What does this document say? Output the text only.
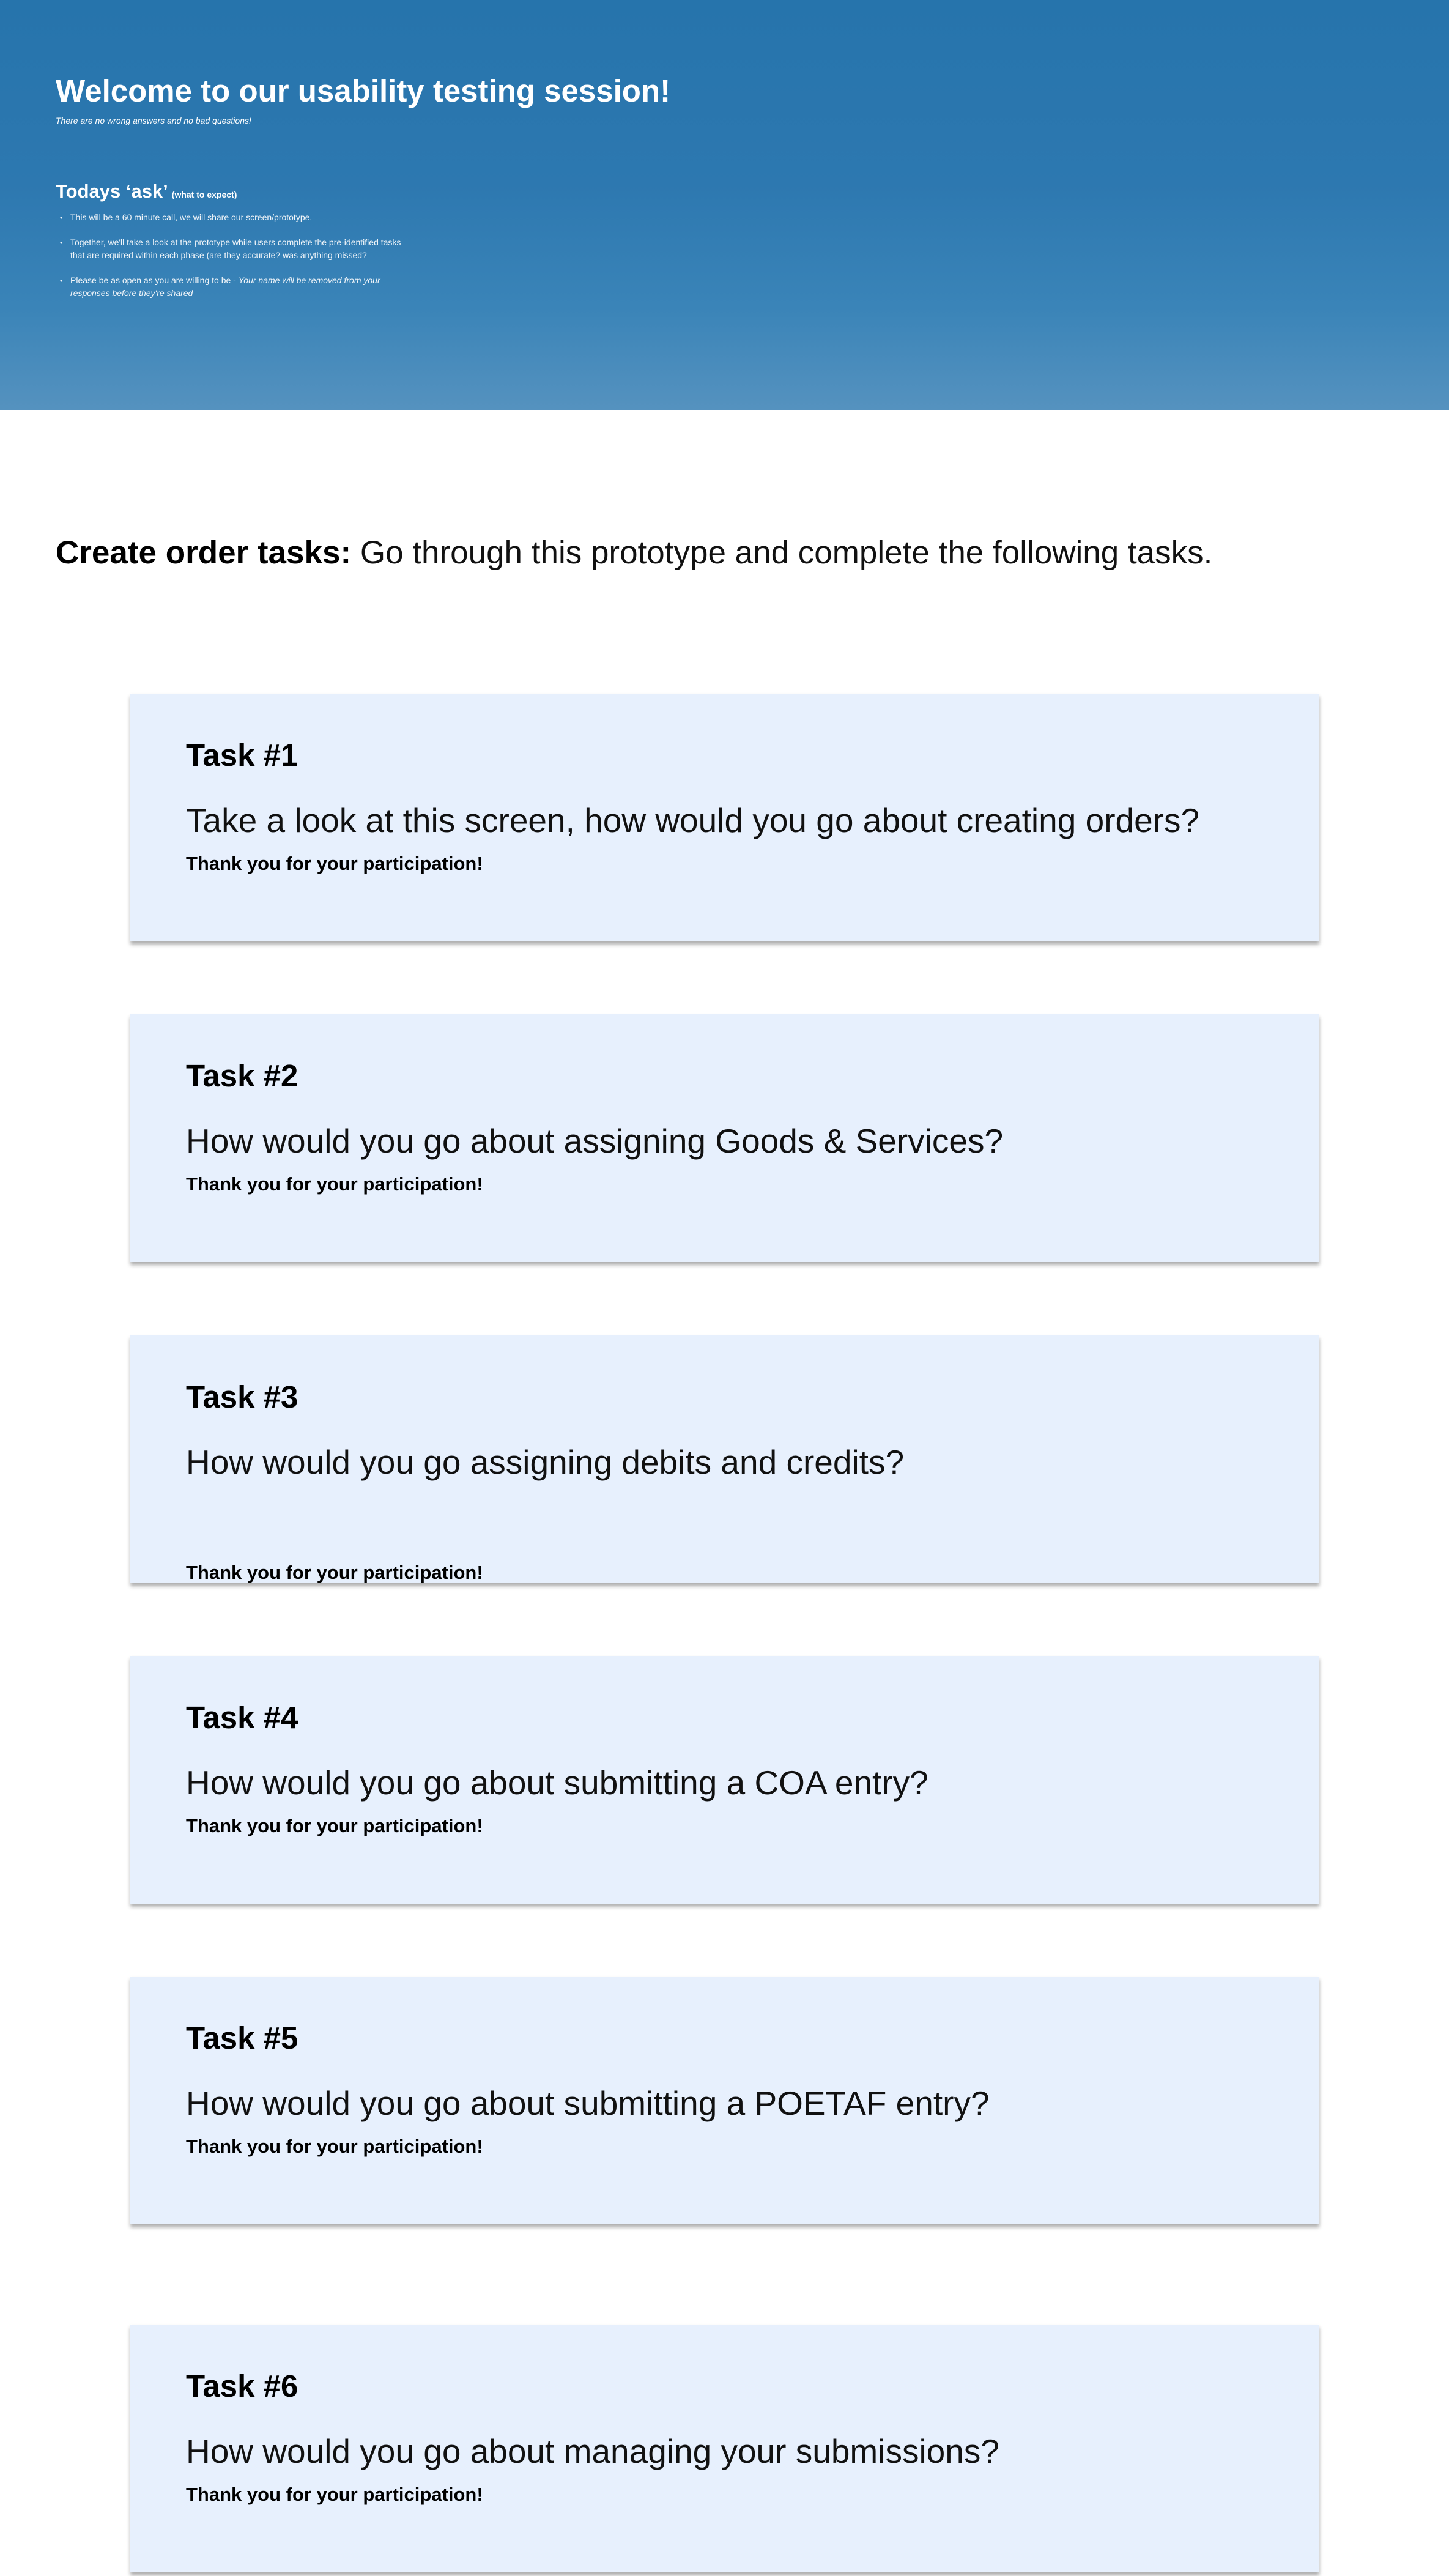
Welcome to our usability testing session!

There are no wrong answers and no bad questions!

Todays ‘ask’ (what to expect)
• This will be a 60 minute call, we will share our screen/prototype.
• Together, we'll take a look at the prototype while users complete the pre-identified tasks that are required within each phase (are they accurate? was anything missed?
• Please be as open as you are willing to be - Your name will be removed from your responses before they're shared
Create order tasks: Go through this prototype and complete the following tasks.
Task #1

Take a look at this screen, how would you go about creating orders?

Thank you for your participation!

Task #2

How would you go about assigning Goods & Services?

Thank you for your participation!

Task #3

How would you go assigning debits and credits?

Thank you for your participation!

Task #4

How would you go about submitting a COA entry?

Thank you for your participation!

Task #5

How would you go about submitting a POETAF entry?

Thank you for your participation!

Task #6

How would you go about managing your submissions?

Thank you for your participation!
